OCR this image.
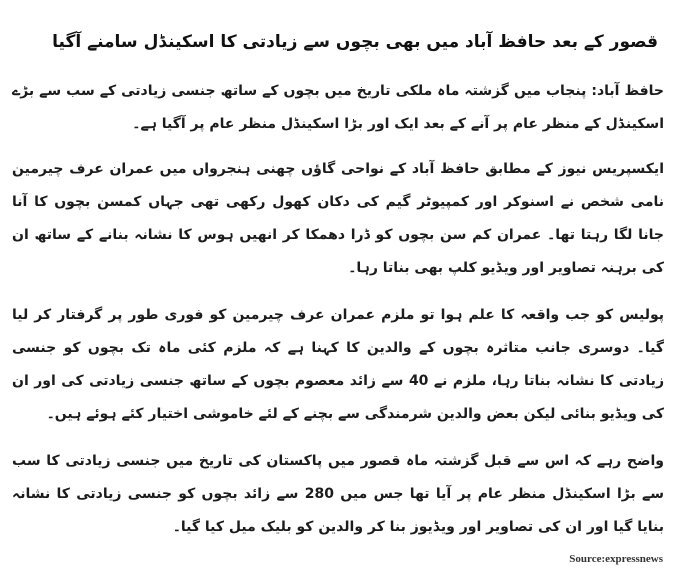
قصور کے بعد حافظ آباد میں بھی بچوں سے زیادتی کا اسکینڈل سامنے آگیا

حافظ آباد: پنجاب میں گزشتہ ماہ ملکی تاریخ میں بچوں کے ساتھ جنسی زیادتی کے سب سے بڑے اسکینڈل کے منظر عام پر آنے کے بعد ایک اور بڑا اسکینڈل منظر عام پر آگیا ہے۔

ایکسپریس نیوز کے مطابق حافظ آباد کے نواحی گاؤں چھنی ہنجرواں میں عمران عرف چیرمین نامی شخص نے اسنوکر اور کمپیوٹر گیم کی دکان کھول رکھی تھی جہاں کمسن بچوں کا آنا جانا لگا رہتا تھا۔ عمران کم سن بچوں کو ڈرا دھمکا کر انھیں ہوس کا نشانہ بنانے کے ساتھ ان کی برہنہ تصاویر اور ویڈیو کلپ بھی بناتا رہا۔

پولیس کو جب واقعہ کا علم ہوا تو ملزم عمران عرف چیرمین کو فوری طور پر گرفتار کر لیا گیا۔ دوسری جانب متاثرہ بچوں کے والدین کا کہنا ہے کہ ملزم کئی ماہ تک بچوں کو جنسی زیادتی کا نشانہ بناتا رہا، ملزم نے 40 سے زائد معصوم بچوں کے ساتھ جنسی زیادتی کی اور ان کی ویڈیو بنائی لیکن بعض والدین شرمندگی سے بچنے کے لئے خاموشی اختیار کئے ہوئے ہیں۔

واضح رہے کہ اس سے قبل گزشتہ ماہ قصور میں پاکستان کی تاریخ میں جنسی زیادتی کا سب سے بڑا اسکینڈل منظر عام پر آیا تھا جس میں 280 سے زائد بچوں کو جنسی زیادتی کا نشانہ بنایا گیا اور ان کی تصاویر اور ویڈیوز بنا کر والدین کو بلیک میل کیا گیا۔

Source:expressnews
